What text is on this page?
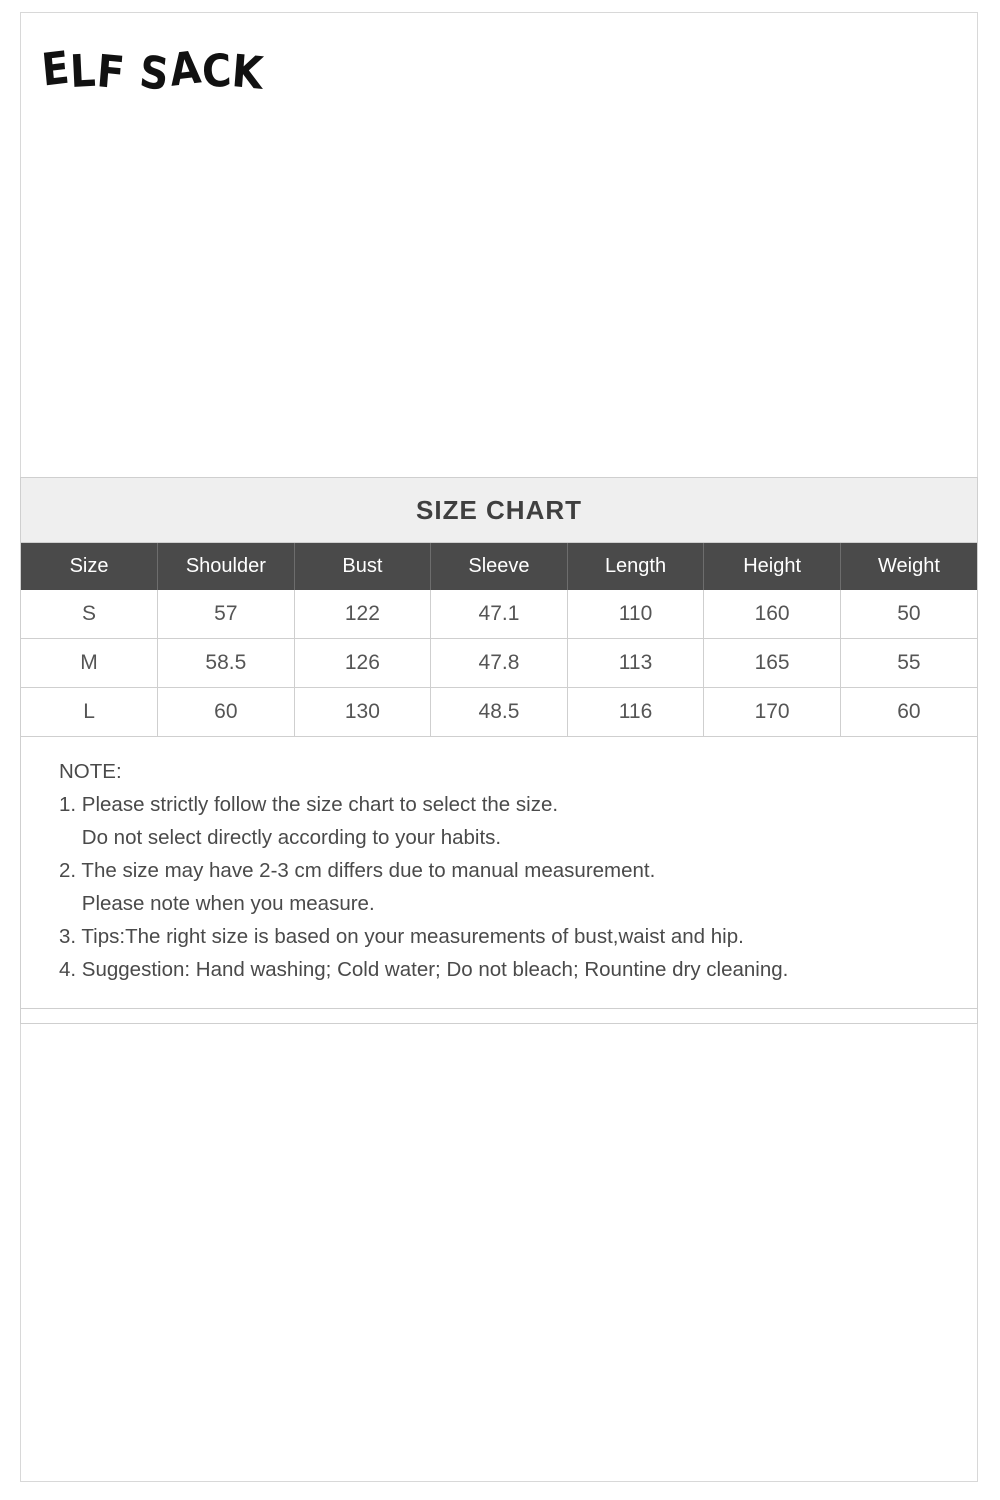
ELF SACK
SIZE CHART
Size	Shoulder	Bust	Sleeve	Length	Height	Weight
S	57	122	47.1	110	160	50
M	58.5	126	47.8	113	165	55
L	60	130	48.5	116	170	60
NOTE:
1. Please strictly follow the size chart to select the size.
Do not select directly according to your habits.
2. The size may have 2-3 cm differs due to manual measurement.
Please note when you measure.
3. Tips:The right size is based on your measurements of bust,waist and hip.
4. Suggestion: Hand washing; Cold water; Do not bleach; Rountine dry cleaning.
